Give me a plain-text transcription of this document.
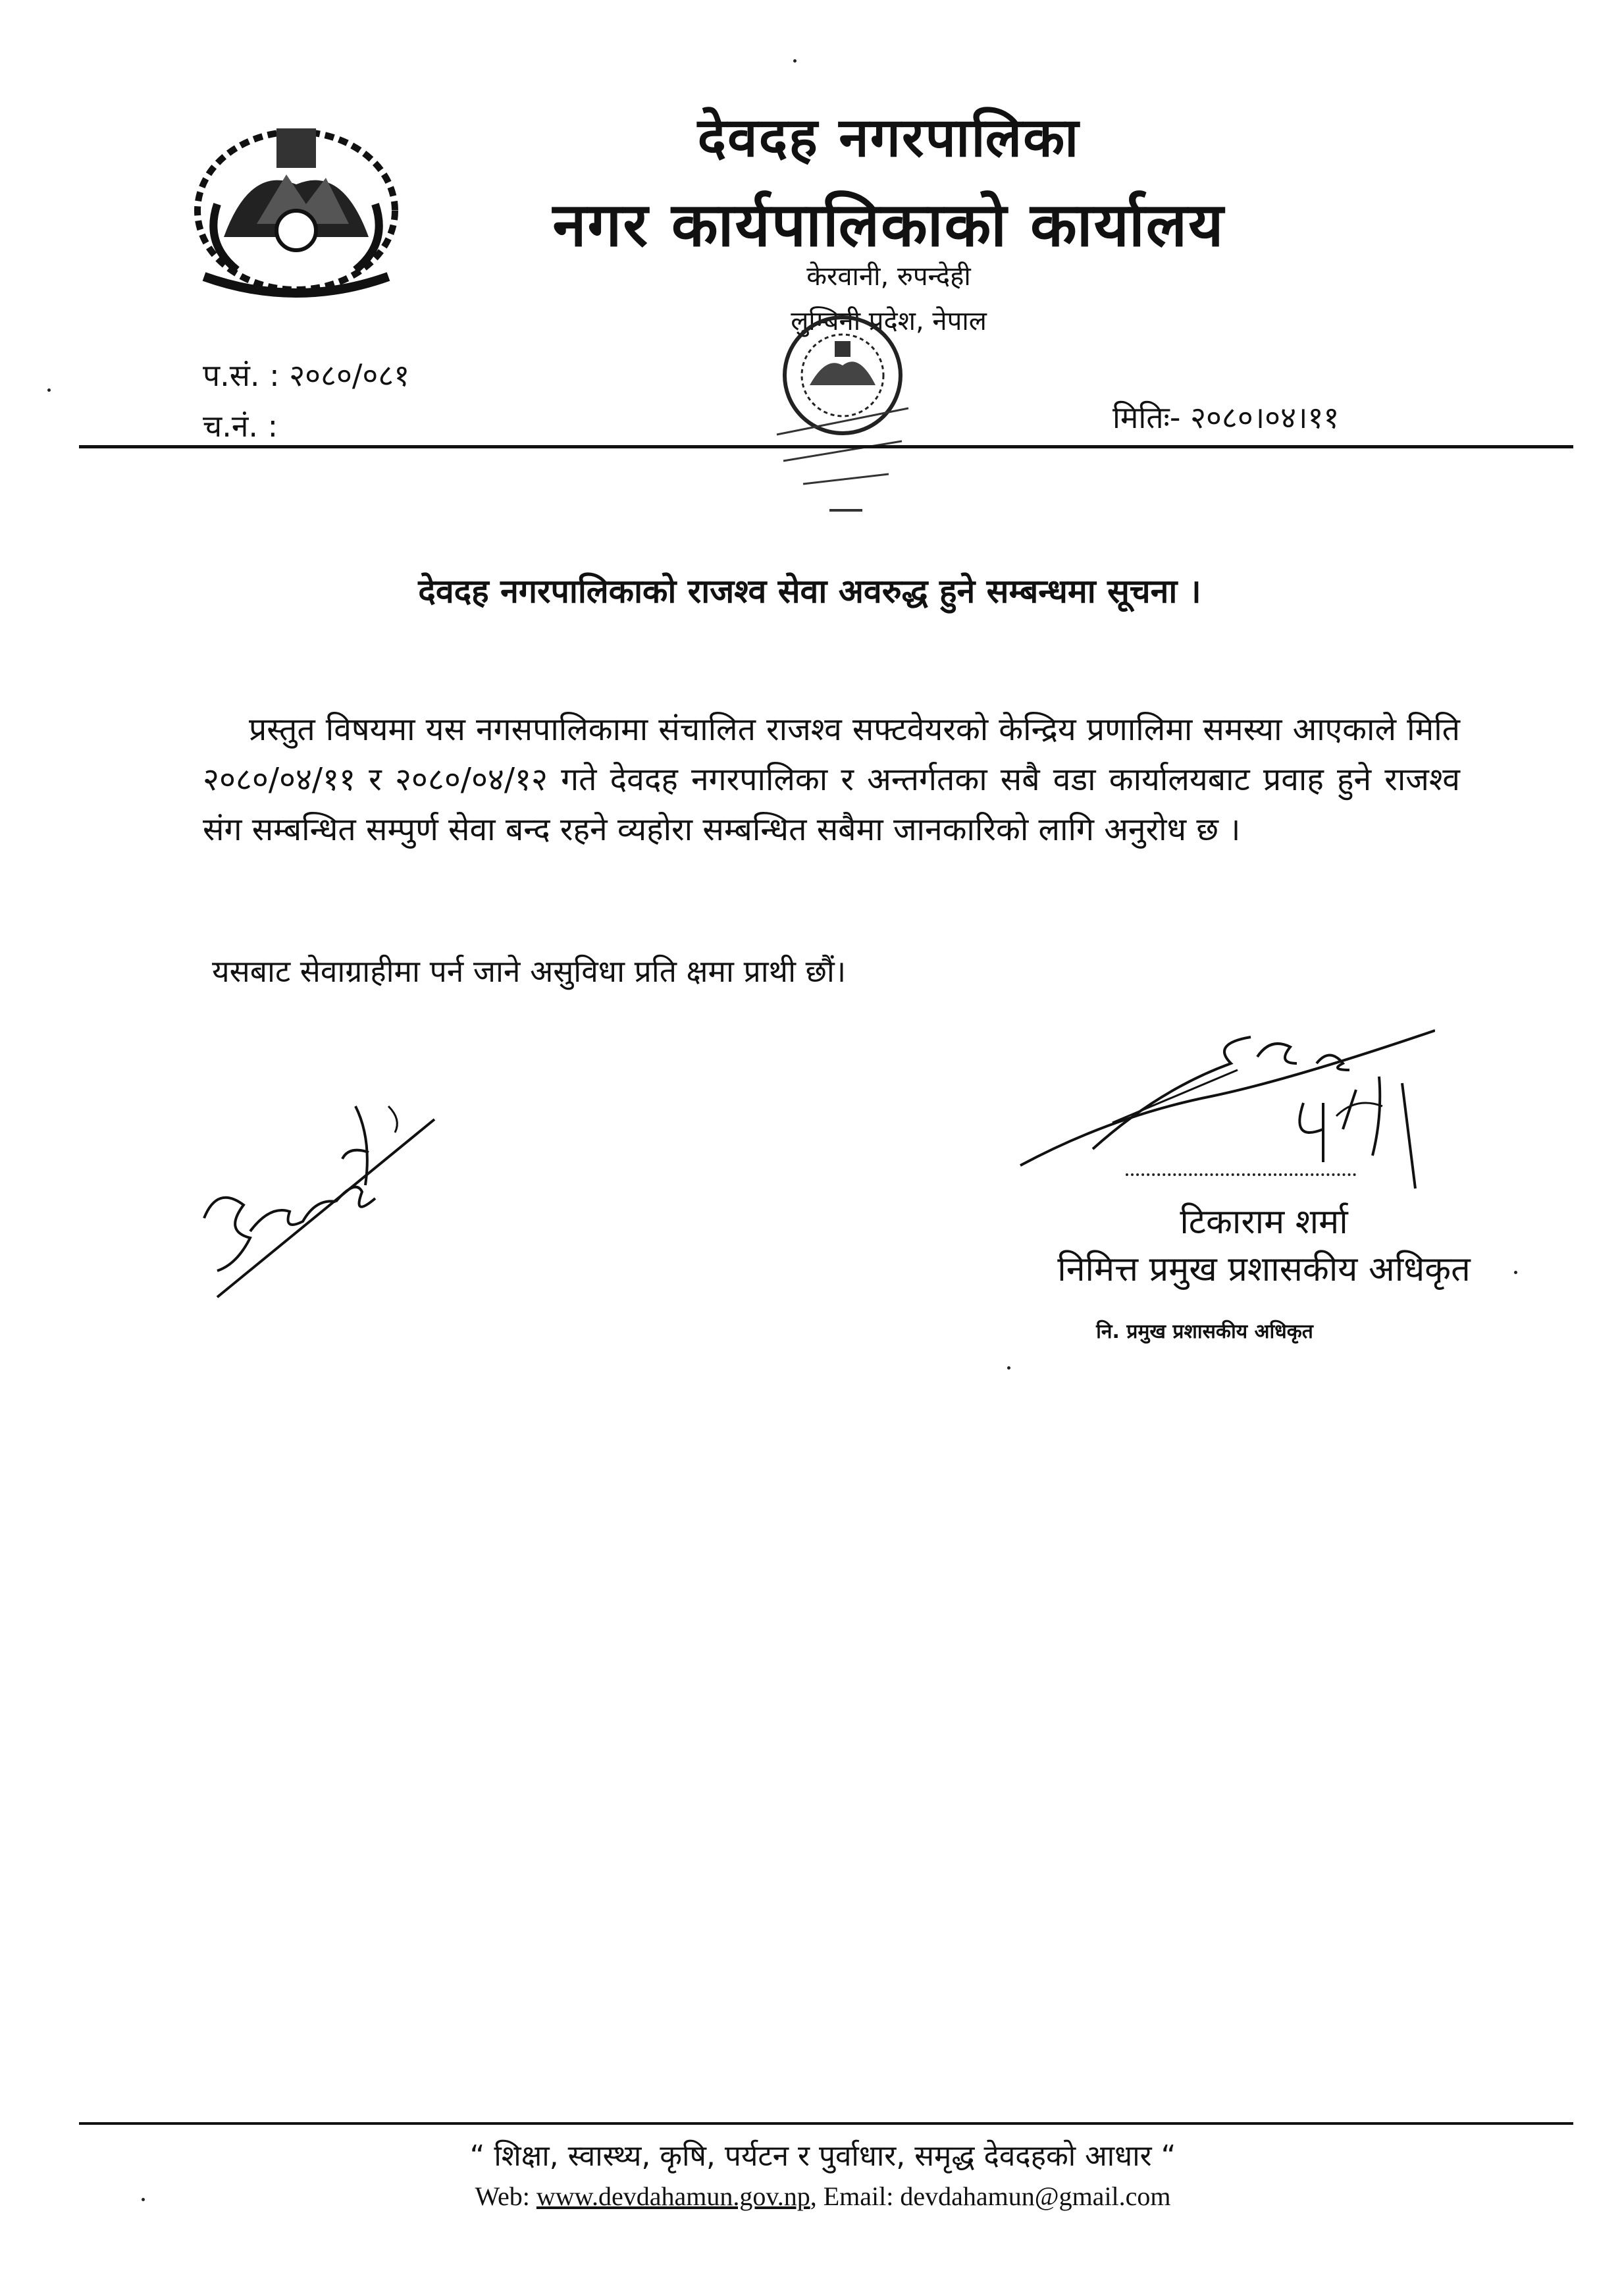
देवदह नगरपालिका
नगर कार्यपालिकाको कार्यालय
केरवानी, रुपन्देही
लुम्बिनी प्रदेश, नेपाल
प.सं. : २०८०/०८१
च.नं. :	मितिः- २०८०।०४।११
देवदह नगरपालिकाको राजश्व सेवा अवरुद्ध हुने सम्बन्धमा सूचना ।
प्रस्तुत विषयमा यस नगसपालिकामा संचालित राजश्व सफ्टवेयरको केन्द्रिय प्रणालिमा समस्या आएकाले मिति २०८०/०४/११ र २०८०/०४/१२ गते देवदह नगरपालिका र अन्तर्गतका सबै वडा कार्यालयबाट प्रवाह हुने राजश्व संग सम्बन्धित सम्पुर्ण सेवा बन्द रहने व्यहोरा सम्बन्धित सबैमा जानकारिको लागि अनुरोध छ ।
यसबाट सेवाग्राहीमा पर्न जाने असुविधा प्रति क्षमा प्राथी छौं।
टिकाराम शर्मा
निमित्त प्रमुख प्रशासकीय अधिकृत
नि. प्रमुख प्रशासकीय अधिकृत
“ शिक्षा, स्वास्थ्य, कृषि, पर्यटन र पुर्वाधार, समृद्ध देवदहको आधार “
Web: www.devdahamun.gov.np, Email: devdahamun@gmail.com
